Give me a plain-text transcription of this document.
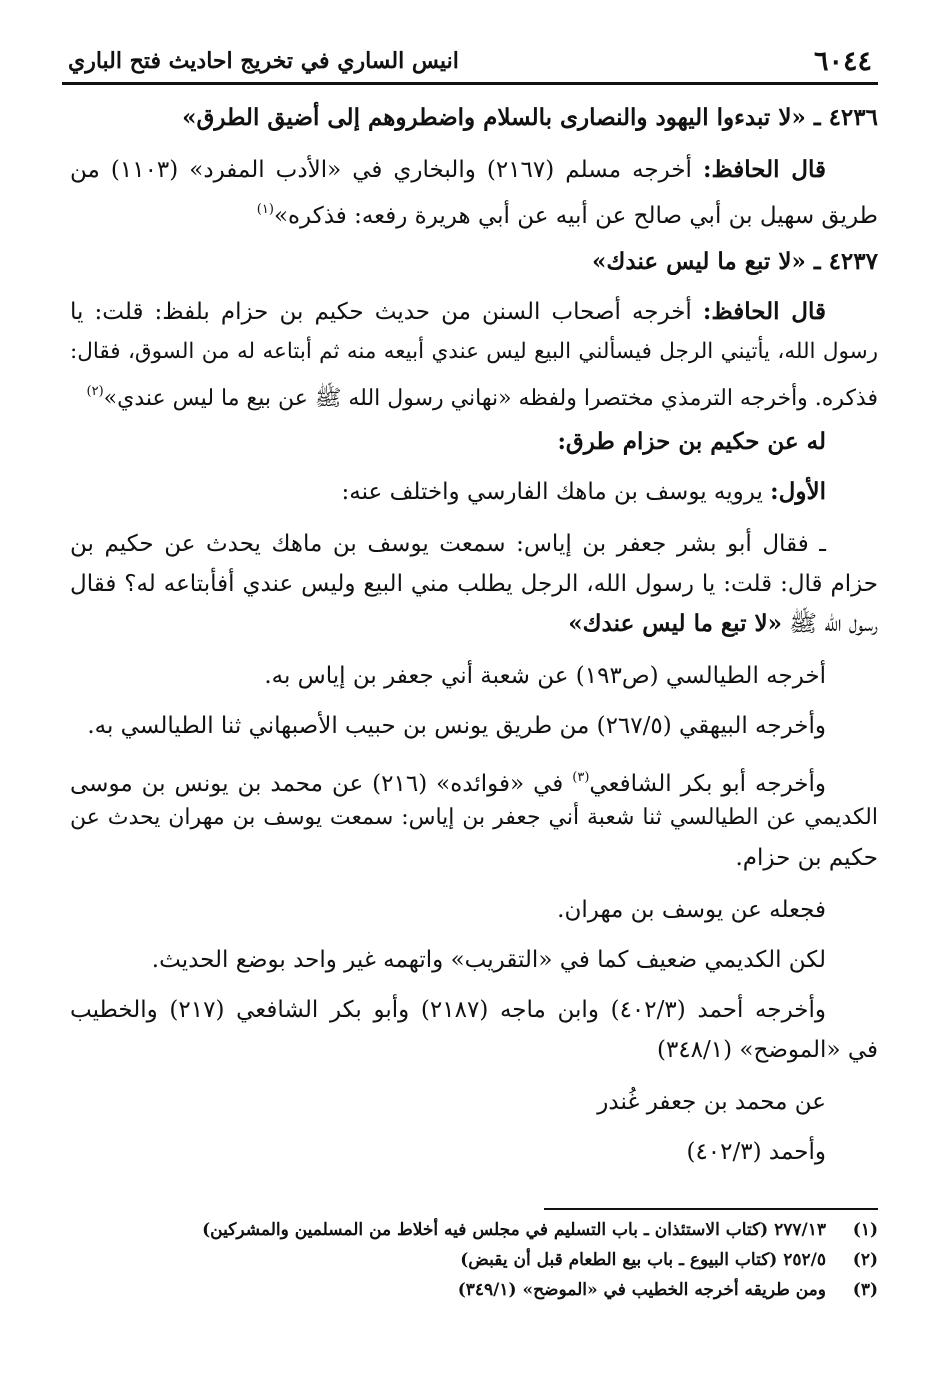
٦٠٤٤
انيس الساري في تخريج احاديث فتح الباري
٤٢٣٦ ـ «لا تبدءوا اليهود والنصارى بالسلام واضطروهم إلى أضيق الطرق»
قال الحافظ: أخرجه مسلم (٢١٦٧) والبخاري في «الأدب المفرد» (١١٠٣) من
طريق سهيل بن أبي صالح عن أبيه عن أبي هريرة رفعه: فذكره»$^{(١)}$
٤٢٣٧ ـ «لا تبع ما ليس عندك»
قال الحافظ: أخرجه أصحاب السنن من حديث حكيم بن حزام بلفظ: قلت: يا
رسول الله، يأتيني الرجل فيسألني البيع ليس عندي أبيعه منه ثم أبتاعه له من السوق، فقال:
فذكره. وأخرجه الترمذي مختصرا ولفظه «نهاني رسول الله ﷺ عن بيع ما ليس عندي»$^{(٢)}$
له عن حكيم بن حزام طرق:
الأول: يرويه يوسف بن ماهك الفارسي واختلف عنه:
ـ فقال أبو بشر جعفر بن إياس: سمعت يوسف بن ماهك يحدث عن حكيم بن
حزام قال: قلت: يا رسول الله، الرجل يطلب مني البيع وليس عندي أفأبتاعه له؟ فقال
رسول الله ﷺ «لا تبع ما ليس عندك»
أخرجه الطيالسي (ص١٩٣) عن شعبة أني جعفر بن إياس به.
وأخرجه البيهقي (٢٦٧/٥) من طريق يونس بن حبيب الأصبهاني ثنا الطيالسي به.
وأخرجه أبو بكر الشافعي$^{(٣)}$ في «فوائده» (٢١٦) عن محمد بن يونس بن موسى
الكديمي عن الطيالسي ثنا شعبة أني جعفر بن إياس: سمعت يوسف بن مهران يحدث عن
حكيم بن حزام.
فجعله عن يوسف بن مهران.
لكن الكديمي ضعيف كما في «التقريب» واتهمه غير واحد بوضع الحديث.
وأخرجه أحمد (٤٠٢/٣) وابن ماجه (٢١٨٧) وأبو بكر الشافعي (٢١٧) والخطيب
في «الموضح» (٣٤٨/١)
عن محمد بن جعفر غُندر
وأحمد (٤٠٢/٣)
(١)٢٧٧/١٣ (كتاب الاستئذان ـ باب التسليم في مجلس فيه أخلاط من المسلمين والمشركين)
(٢)٢٥٢/٥ (كتاب البيوع ـ باب بيع الطعام قبل أن يقبض)
(٣)ومن طريقه أخرجه الخطيب في «الموضح» (٣٤٩/١)
